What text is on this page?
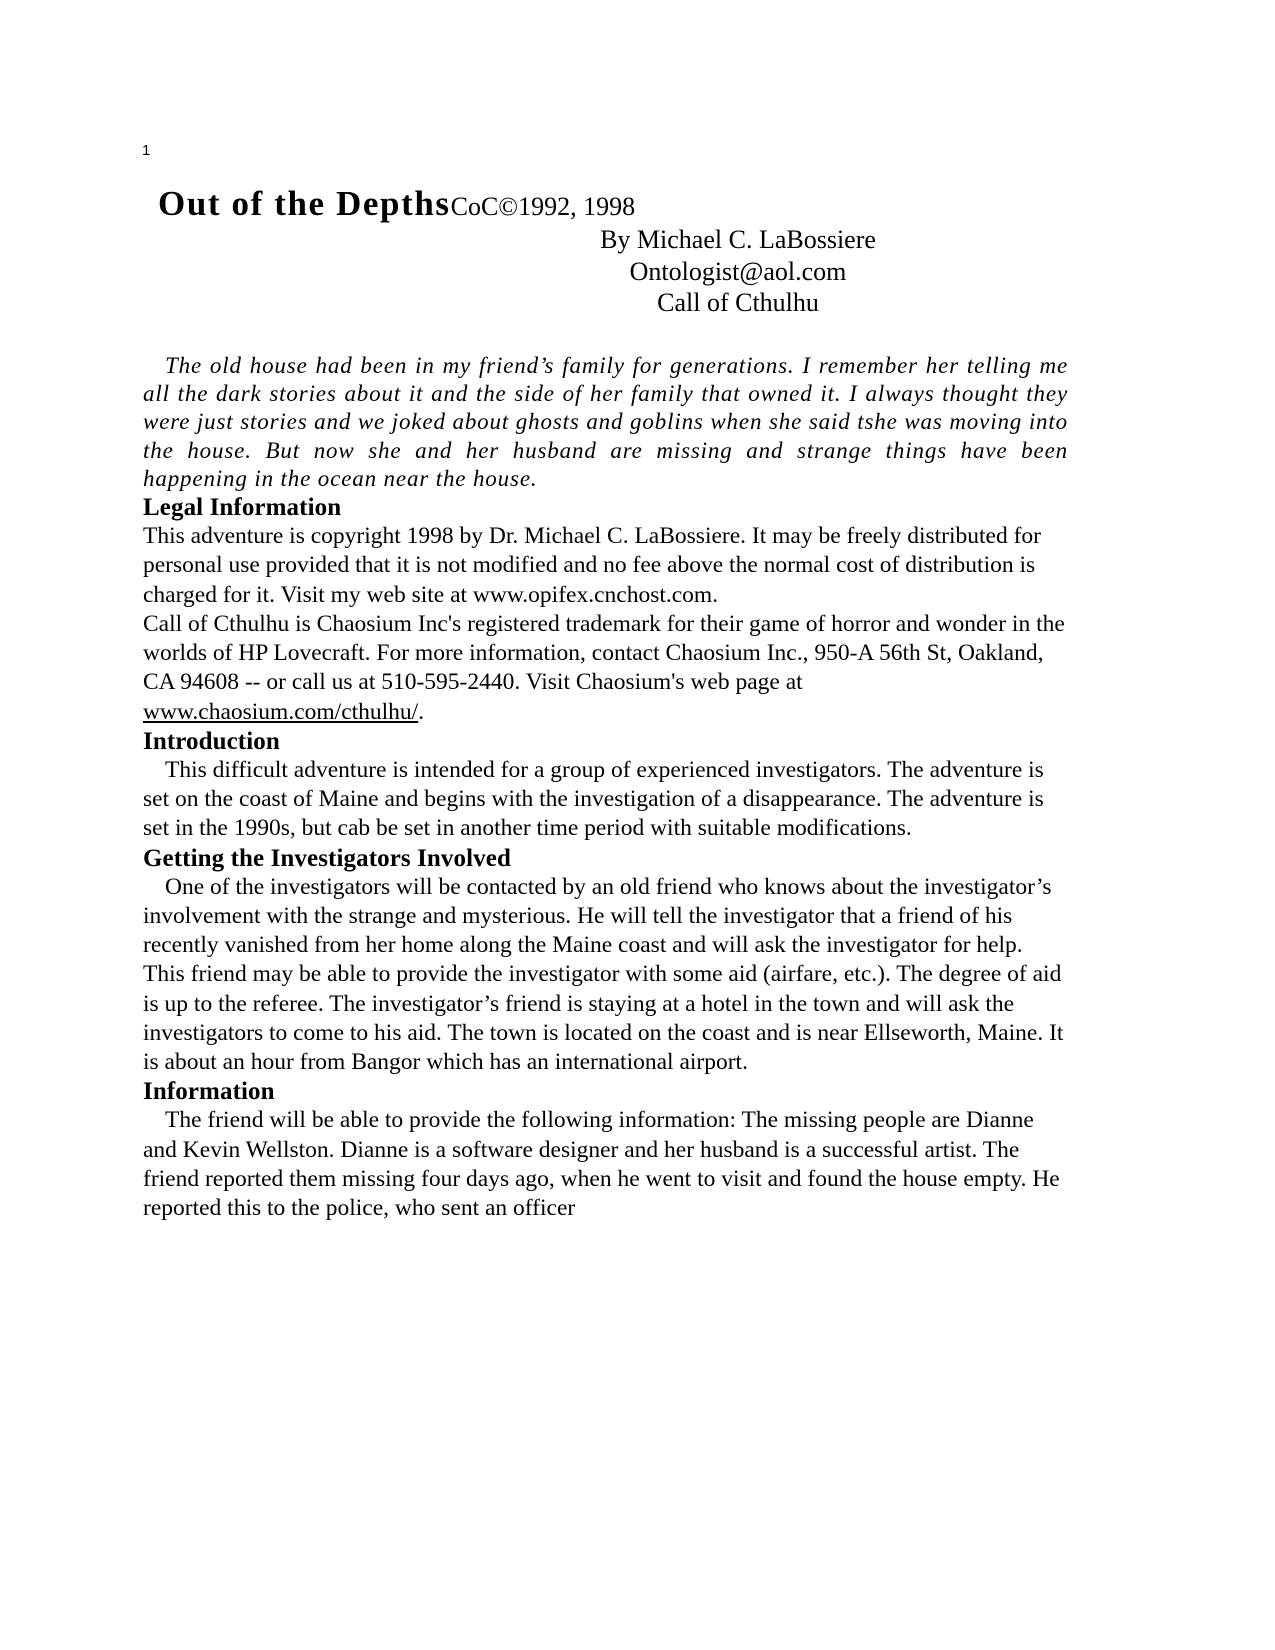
1
Out of the DepthsCoC©1992, 1998
By Michael C. LaBossiere
Ontologist@aol.com
Call of Cthulhu

The old house had been in my friend’s family for generations. I remember her telling me all the dark stories about it and the side of her family that owned it. I always thought they were just stories and we joked about ghosts and goblins when she said tshe was moving into the house. But now she and her husband are missing and strange things have been happening in the ocean near the house.

Legal Information

This adventure is copyright 1998 by Dr. Michael C. LaBossiere. It may be freely distributed for personal use provided that it is not modified and no fee above the normal cost of distribution is charged for it. Visit my web site at www.opifex.cnchost.com.

Call of Cthulhu is Chaosium Inc's registered trademark for their game of horror and wonder in the worlds of HP Lovecraft. For more information, contact Chaosium Inc., 950-A 56th St, Oakland, CA 94608 -- or call us at 510-595-2440. Visit Chaosium's web page at www.chaosium.com/cthulhu/.

Introduction

This difficult adventure is intended for a group of experienced investigators. The adventure is set on the coast of Maine and begins with the investigation of a disappearance. The adventure is set in the 1990s, but cab be set in another time period with suitable modifications.

Getting the Investigators Involved

One of the investigators will be contacted by an old friend who knows about the investigator’s involvement with the strange and mysterious. He will tell the investigator that a friend of his recently vanished from her home along the Maine coast and will ask the investigator for help. This friend may be able to provide the investigator with some aid (airfare, etc.). The degree of aid is up to the referee. The investigator’s friend is staying at a hotel in the town and will ask the investigators to come to his aid. The town is located on the coast and is near Ellseworth, Maine. It is about an hour from Bangor which has an international airport.

Information

The friend will be able to provide the following information: The missing people are Dianne and Kevin Wellston. Dianne is a software designer and her husband is a successful artist. The friend reported them missing four days ago, when he went to visit and found the house empty. He reported this to the police, who sent an officer
